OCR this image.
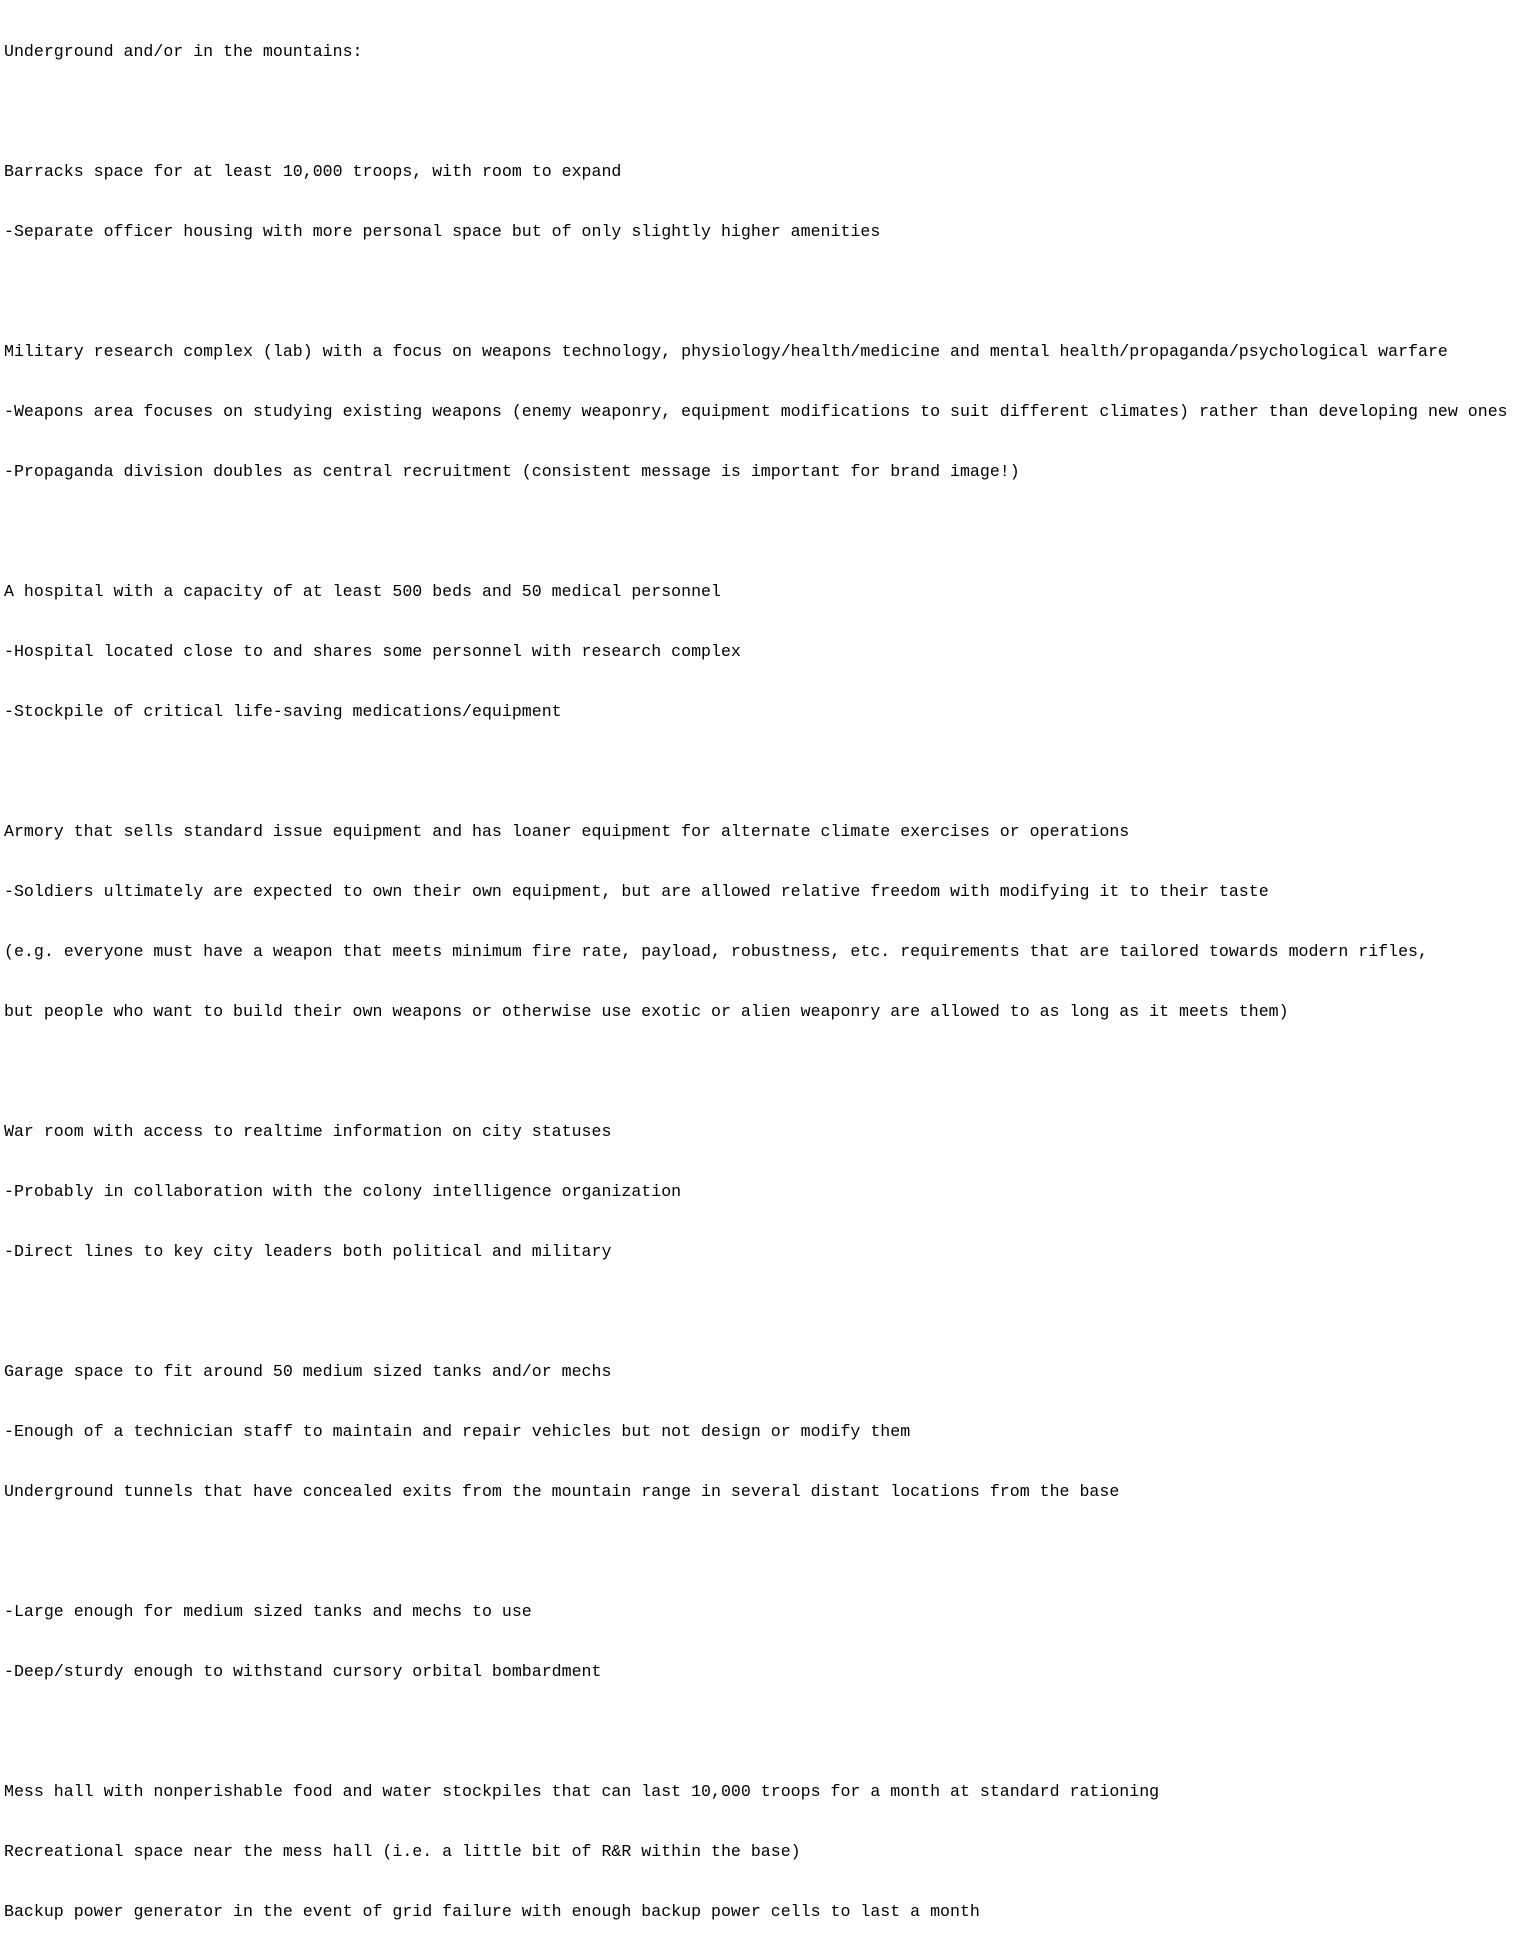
Underground and/or in the mountains:

Barracks space for at least 10,000 troops, with room to expand

-Separate officer housing with more personal space but of only slightly higher amenities

Military research complex (lab) with a focus on weapons technology, physiology/health/medicine and mental health/propaganda/psychological warfare

-Weapons area focuses on studying existing weapons (enemy weaponry, equipment modifications to suit different climates) rather than developing new ones

-Propaganda division doubles as central recruitment (consistent message is important for brand image!)

A hospital with a capacity of at least 500 beds and 50 medical personnel

-Hospital located close to and shares some personnel with research complex

-Stockpile of critical life-saving medications/equipment

Armory that sells standard issue equipment and has loaner equipment for alternate climate exercises or operations

-Soldiers ultimately are expected to own their own equipment, but are allowed relative freedom with modifying it to their taste

(e.g. everyone must have a weapon that meets minimum fire rate, payload, robustness, etc. requirements that are tailored towards modern rifles,

but people who want to build their own weapons or otherwise use exotic or alien weaponry are allowed to as long as it meets them)

War room with access to realtime information on city statuses

-Probably in collaboration with the colony intelligence organization

-Direct lines to key city leaders both political and military

Garage space to fit around 50 medium sized tanks and/or mechs

-Enough of a technician staff to maintain and repair vehicles but not design or modify them

Underground tunnels that have concealed exits from the mountain range in several distant locations from the base

-Large enough for medium sized tanks and mechs to use

-Deep/sturdy enough to withstand cursory orbital bombardment

Mess hall with nonperishable food and water stockpiles that can last 10,000 troops for a month at standard rationing

Recreational space near the mess hall (i.e. a little bit of R&R within the base)

Backup power generator in the event of grid failure with enough backup power cells to last a month
